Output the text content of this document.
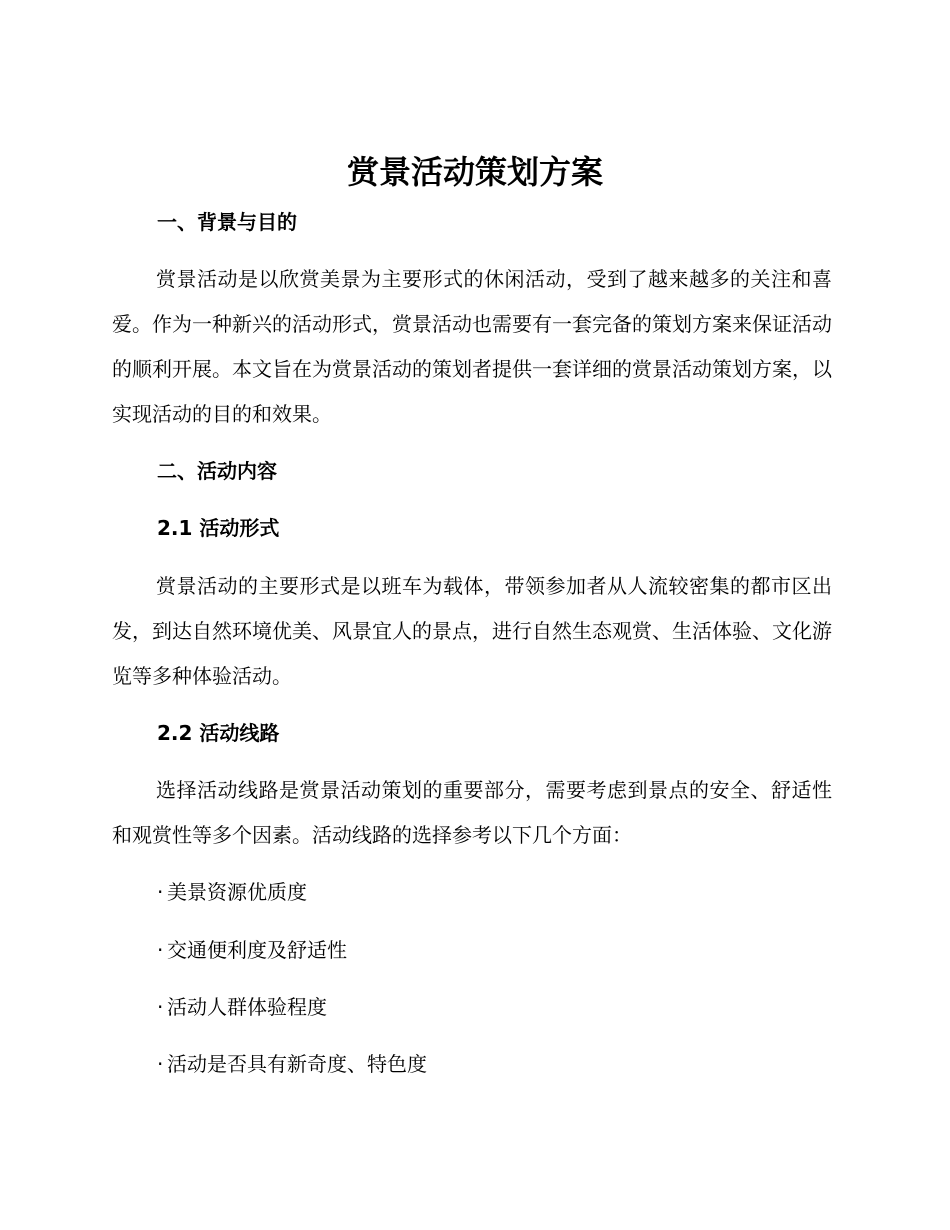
赏景活动策划方案
一、背景与目的

赏景活动是以欣赏美景为主要形式的休闲活动，受到了越来越多的关注和喜爱。作为一种新兴的活动形式，赏景活动也需要有一套完备的策划方案来保证活动的顺利开展。本文旨在为赏景活动的策划者提供一套详细的赏景活动策划方案，以实现活动的目的和效果。

二、活动内容
2.1 活动形式

赏景活动的主要形式是以班车为载体，带领参加者从人流较密集的都市区出发，到达自然环境优美、风景宜人的景点，进行自然生态观赏、生活体验、文化游览等多种体验活动。

2.2 活动线路

选择活动线路是赏景活动策划的重要部分，需要考虑到景点的安全、舒适性和观赏性等多个因素。活动线路的选择参考以下几个方面：

· 美景资源优质度
· 交通便利度及舒适性
· 活动人群体验程度
· 活动是否具有新奇度、特色度
